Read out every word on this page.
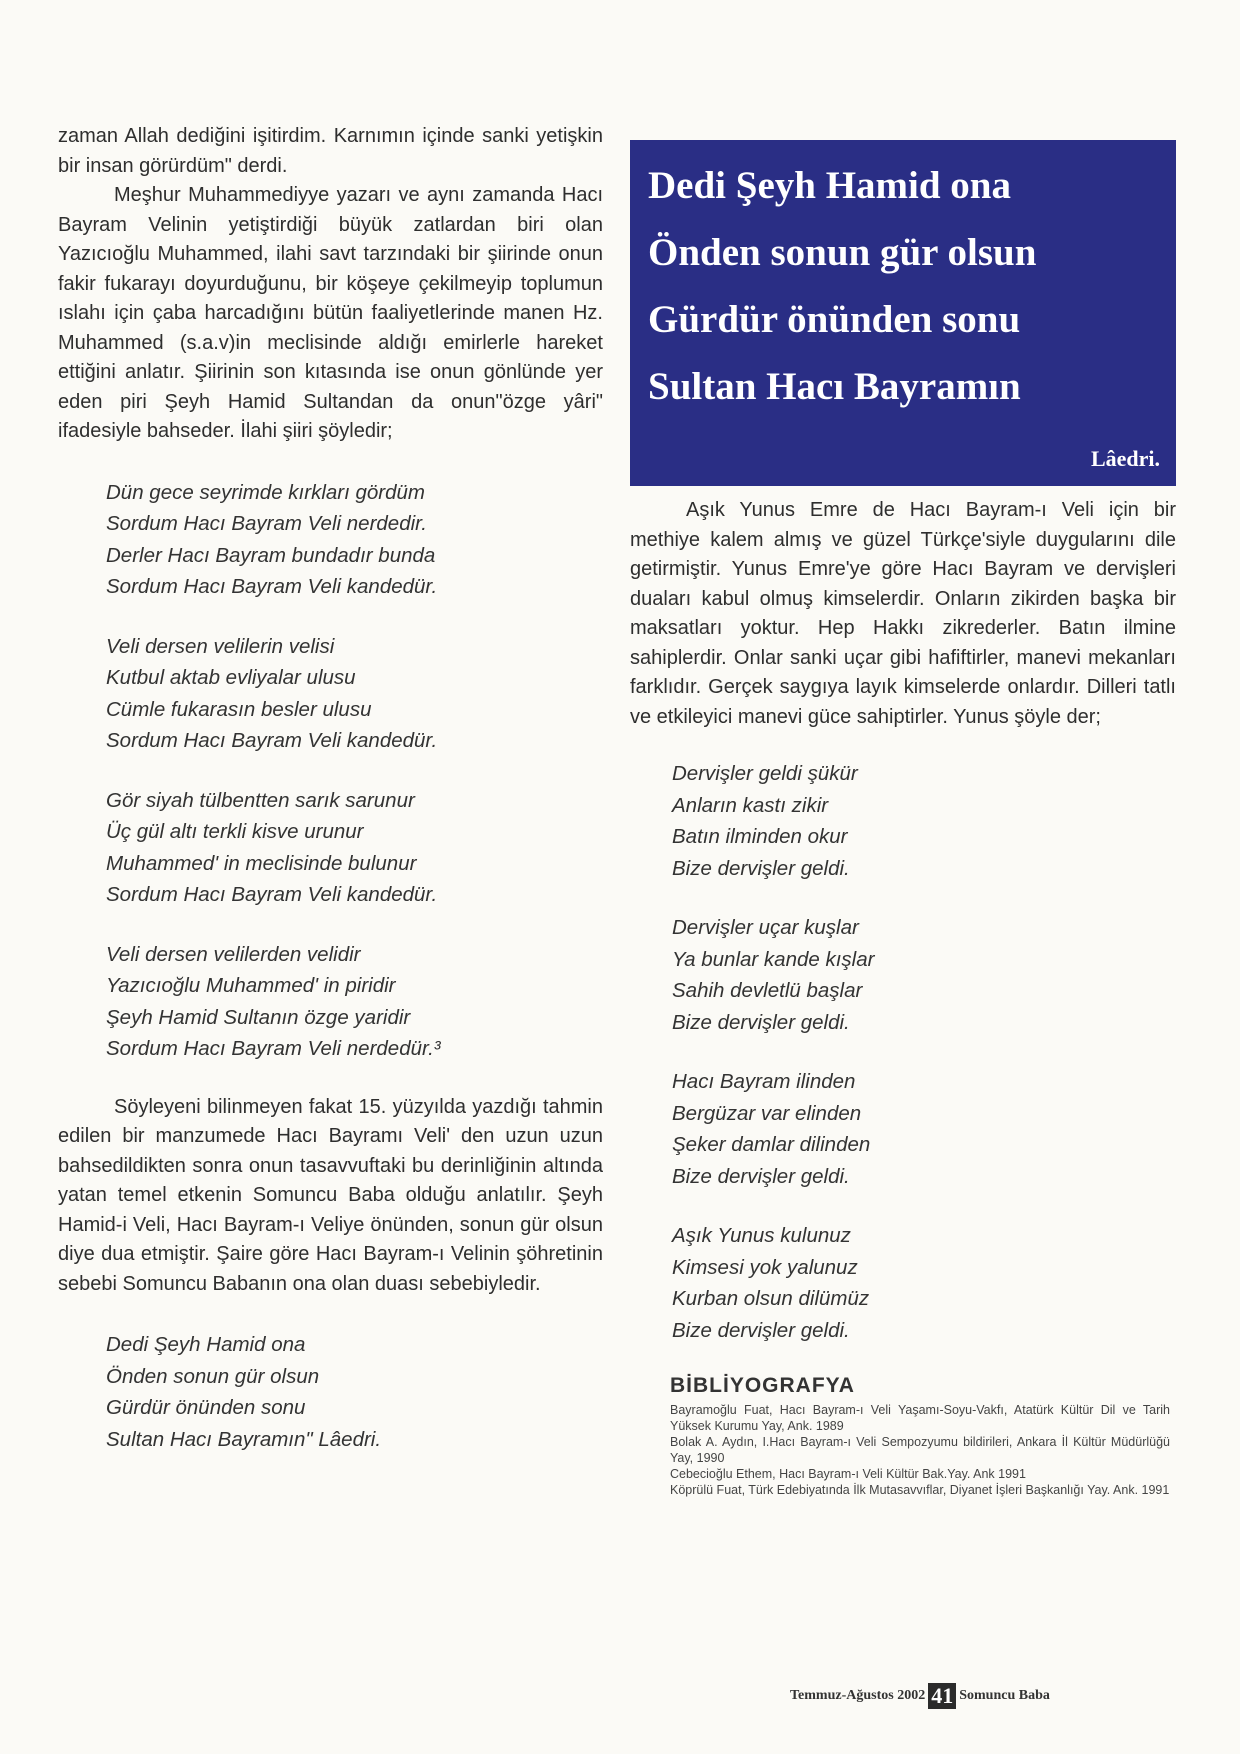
zaman Allah dediğini işitirdim. Karnımın içinde sanki yetişkin bir insan görürdüm" derdi.

Meşhur Muhammediyye yazarı ve aynı zamanda Hacı Bayram Velinin yetiştirdiği büyük zatlardan biri olan Yazıcıoğlu Muhammed, ilahi savt tarzındaki bir şiirinde onun fakir fukarayı doyurduğunu, bir köşeye çekilmeyip toplumun ıslahı için çaba harcadığını bütün faaliyetlerinde manen Hz. Muhammed (s.a.v)in meclisinde aldığı emirlerle hareket ettiğini anlatır. Şiirinin son kıtasında ise onun gönlünde yer eden piri Şeyh Hamid Sultandan da onun"özge yâri" ifadesiyle bahseder. İlahi şiiri şöyledir;

Dün gece seyrimde kırkları gördüm
Sordum Hacı Bayram Veli nerdedir.
Derler Hacı Bayram bundadır bunda
Sordum Hacı Bayram Veli kandedür.
Veli dersen velilerin velisi
Kutbul aktab evliyalar ulusu
Cümle fukarasın besler ulusu
Sordum Hacı Bayram Veli kandedür.
Gör siyah tülbentten sarık sarunur
Üç gül altı terkli kisve urunur
Muhammed' in meclisinde bulunur
Sordum Hacı Bayram Veli kandedür.
Veli dersen velilerden velidir
Yazıcıoğlu Muhammed' in piridir
Şeyh Hamid Sultanın özge yaridir
Sordum Hacı Bayram Veli nerdedür.³

Söyleyeni bilinmeyen fakat 15. yüzyılda yazdığı tahmin edilen bir manzumede Hacı Bayramı Veli' den uzun uzun bahsedildikten sonra onun tasavvuftaki bu derinliğinin altında yatan temel etkenin Somuncu Baba olduğu anlatılır. Şeyh Hamid-i Veli, Hacı Bayram-ı Veliye önünden, sonun gür olsun diye dua etmiştir. Şaire göre Hacı Bayram-ı Velinin şöhretinin sebebi Somuncu Babanın ona olan duası sebebiyledir.

Dedi Şeyh Hamid ona
Önden sonun gür olsun
Gürdür önünden sonu
Sultan Hacı Bayramın" Lâedri.
Dedi Şeyh Hamid ona
Önden sonun gür olsun
Gürdür önünden sonu
Sultan Hacı Bayramın
Lâedri.

Aşık Yunus Emre de Hacı Bayram-ı Veli için bir methiye kalem almış ve güzel Türkçe'siyle duygularını dile getirmiştir. Yunus Emre'ye göre Hacı Bayram ve dervişleri duaları kabul olmuş kimselerdir. Onların zikirden başka bir maksatları yoktur. Hep Hakkı zikrederler. Batın ilmine sahiplerdir. Onlar sanki uçar gibi hafiftirler, manevi mekanları farklıdır. Gerçek saygıya layık kimselerde onlardır. Dilleri tatlı ve etkileyici manevi güce sahiptirler. Yunus şöyle der;

Dervişler geldi şükür
Anların kastı zikir
Batın ilminden okur
Bize dervişler geldi.
Dervişler uçar kuşlar
Ya bunlar kande kışlar
Sahih devletlü başlar
Bize dervişler geldi.
Hacı Bayram ilinden
Bergüzar var elinden
Şeker damlar dilinden
Bize dervişler geldi.
Aşık Yunus kulunuz
Kimsesi yok yalunuz
Kurban olsun dilümüz
Bize dervişler geldi.
BİBLİYOGRAFYA

Bayramoğlu Fuat, Hacı Bayram-ı Veli Yaşamı-Soyu-Vakfı, Atatürk Kültür Dil ve Tarih Yüksek Kurumu Yay, Ank. 1989

Bolak A. Aydın, I.Hacı Bayram-ı Veli Sempozyumu bildirileri, Ankara İl Kültür Müdürlüğü Yay, 1990

Cebecioğlu Ethem, Hacı Bayram-ı Veli Kültür Bak.Yay. Ank 1991

Köprülü Fuat, Türk Edebiyatında İlk Mutasavvıflar, Diyanet İşleri Başkanlığı Yay. Ank. 1991

Temmuz-Ağustos 2002 41 Somuncu Baba
